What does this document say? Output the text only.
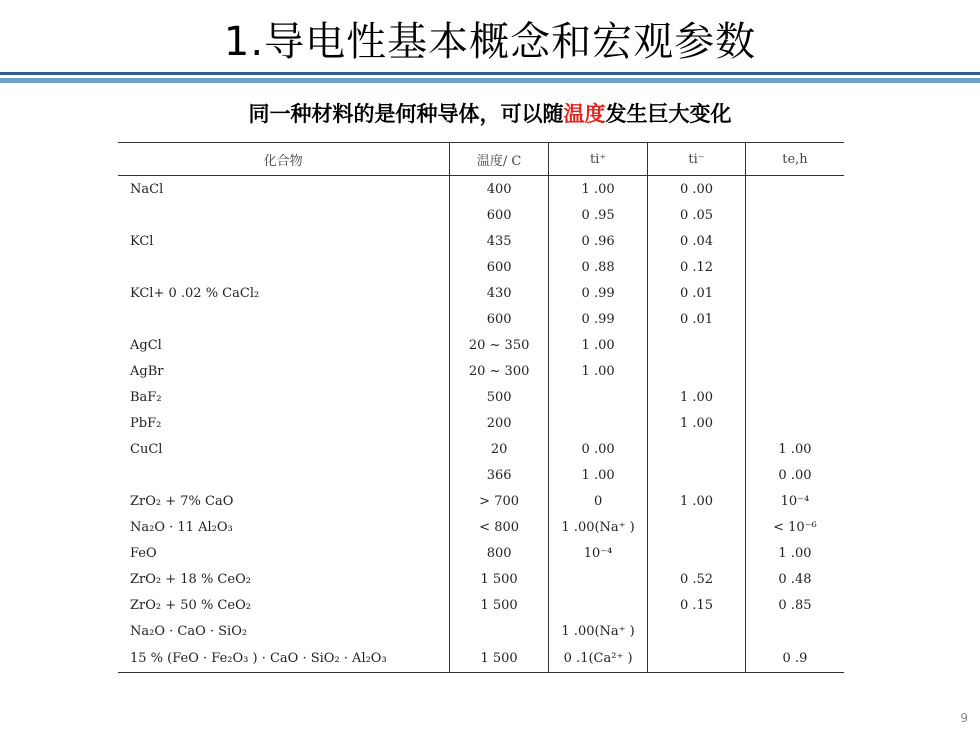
1.导电性基本概念和宏观参数
同一种材料的是何种导体，可以随温度发生巨大变化
化合物	温度/ C	ti⁺	ti⁻	te,h
NaCl	400	1 .00	0 .00	
	600	0 .95	0 .05	
KCl	435	0 .96	0 .04	
	600	0 .88	0 .12	
KCl+ 0 .02 % CaCl₂	430	0 .99	0 .01	
	600	0 .99	0 .01	
AgCl	20 ~ 350	1 .00		
AgBr	20 ~ 300	1 .00		
BaF₂	500		1 .00	
PbF₂	200		1 .00	
CuCl	20	0 .00		1 .00
	366	1 .00		0 .00
ZrO₂ + 7% CaO	> 700	0	1 .00	10⁻⁴
Na₂O · 11 Al₂O₃	< 800	1 .00(Na⁺ )		< 10⁻⁶
FeO	800	10⁻⁴		1 .00
ZrO₂ + 18 % CeO₂	1 500		0 .52	0 .48
ZrO₂ + 50 % CeO₂	1 500		0 .15	0 .85
Na₂O · CaO · SiO₂		1 .00(Na⁺ )		
15 % (FeO · Fe₂O₃ ) · CaO · SiO₂ · Al₂O₃	1 500	0 .1(Ca²⁺ )		0 .9
9
